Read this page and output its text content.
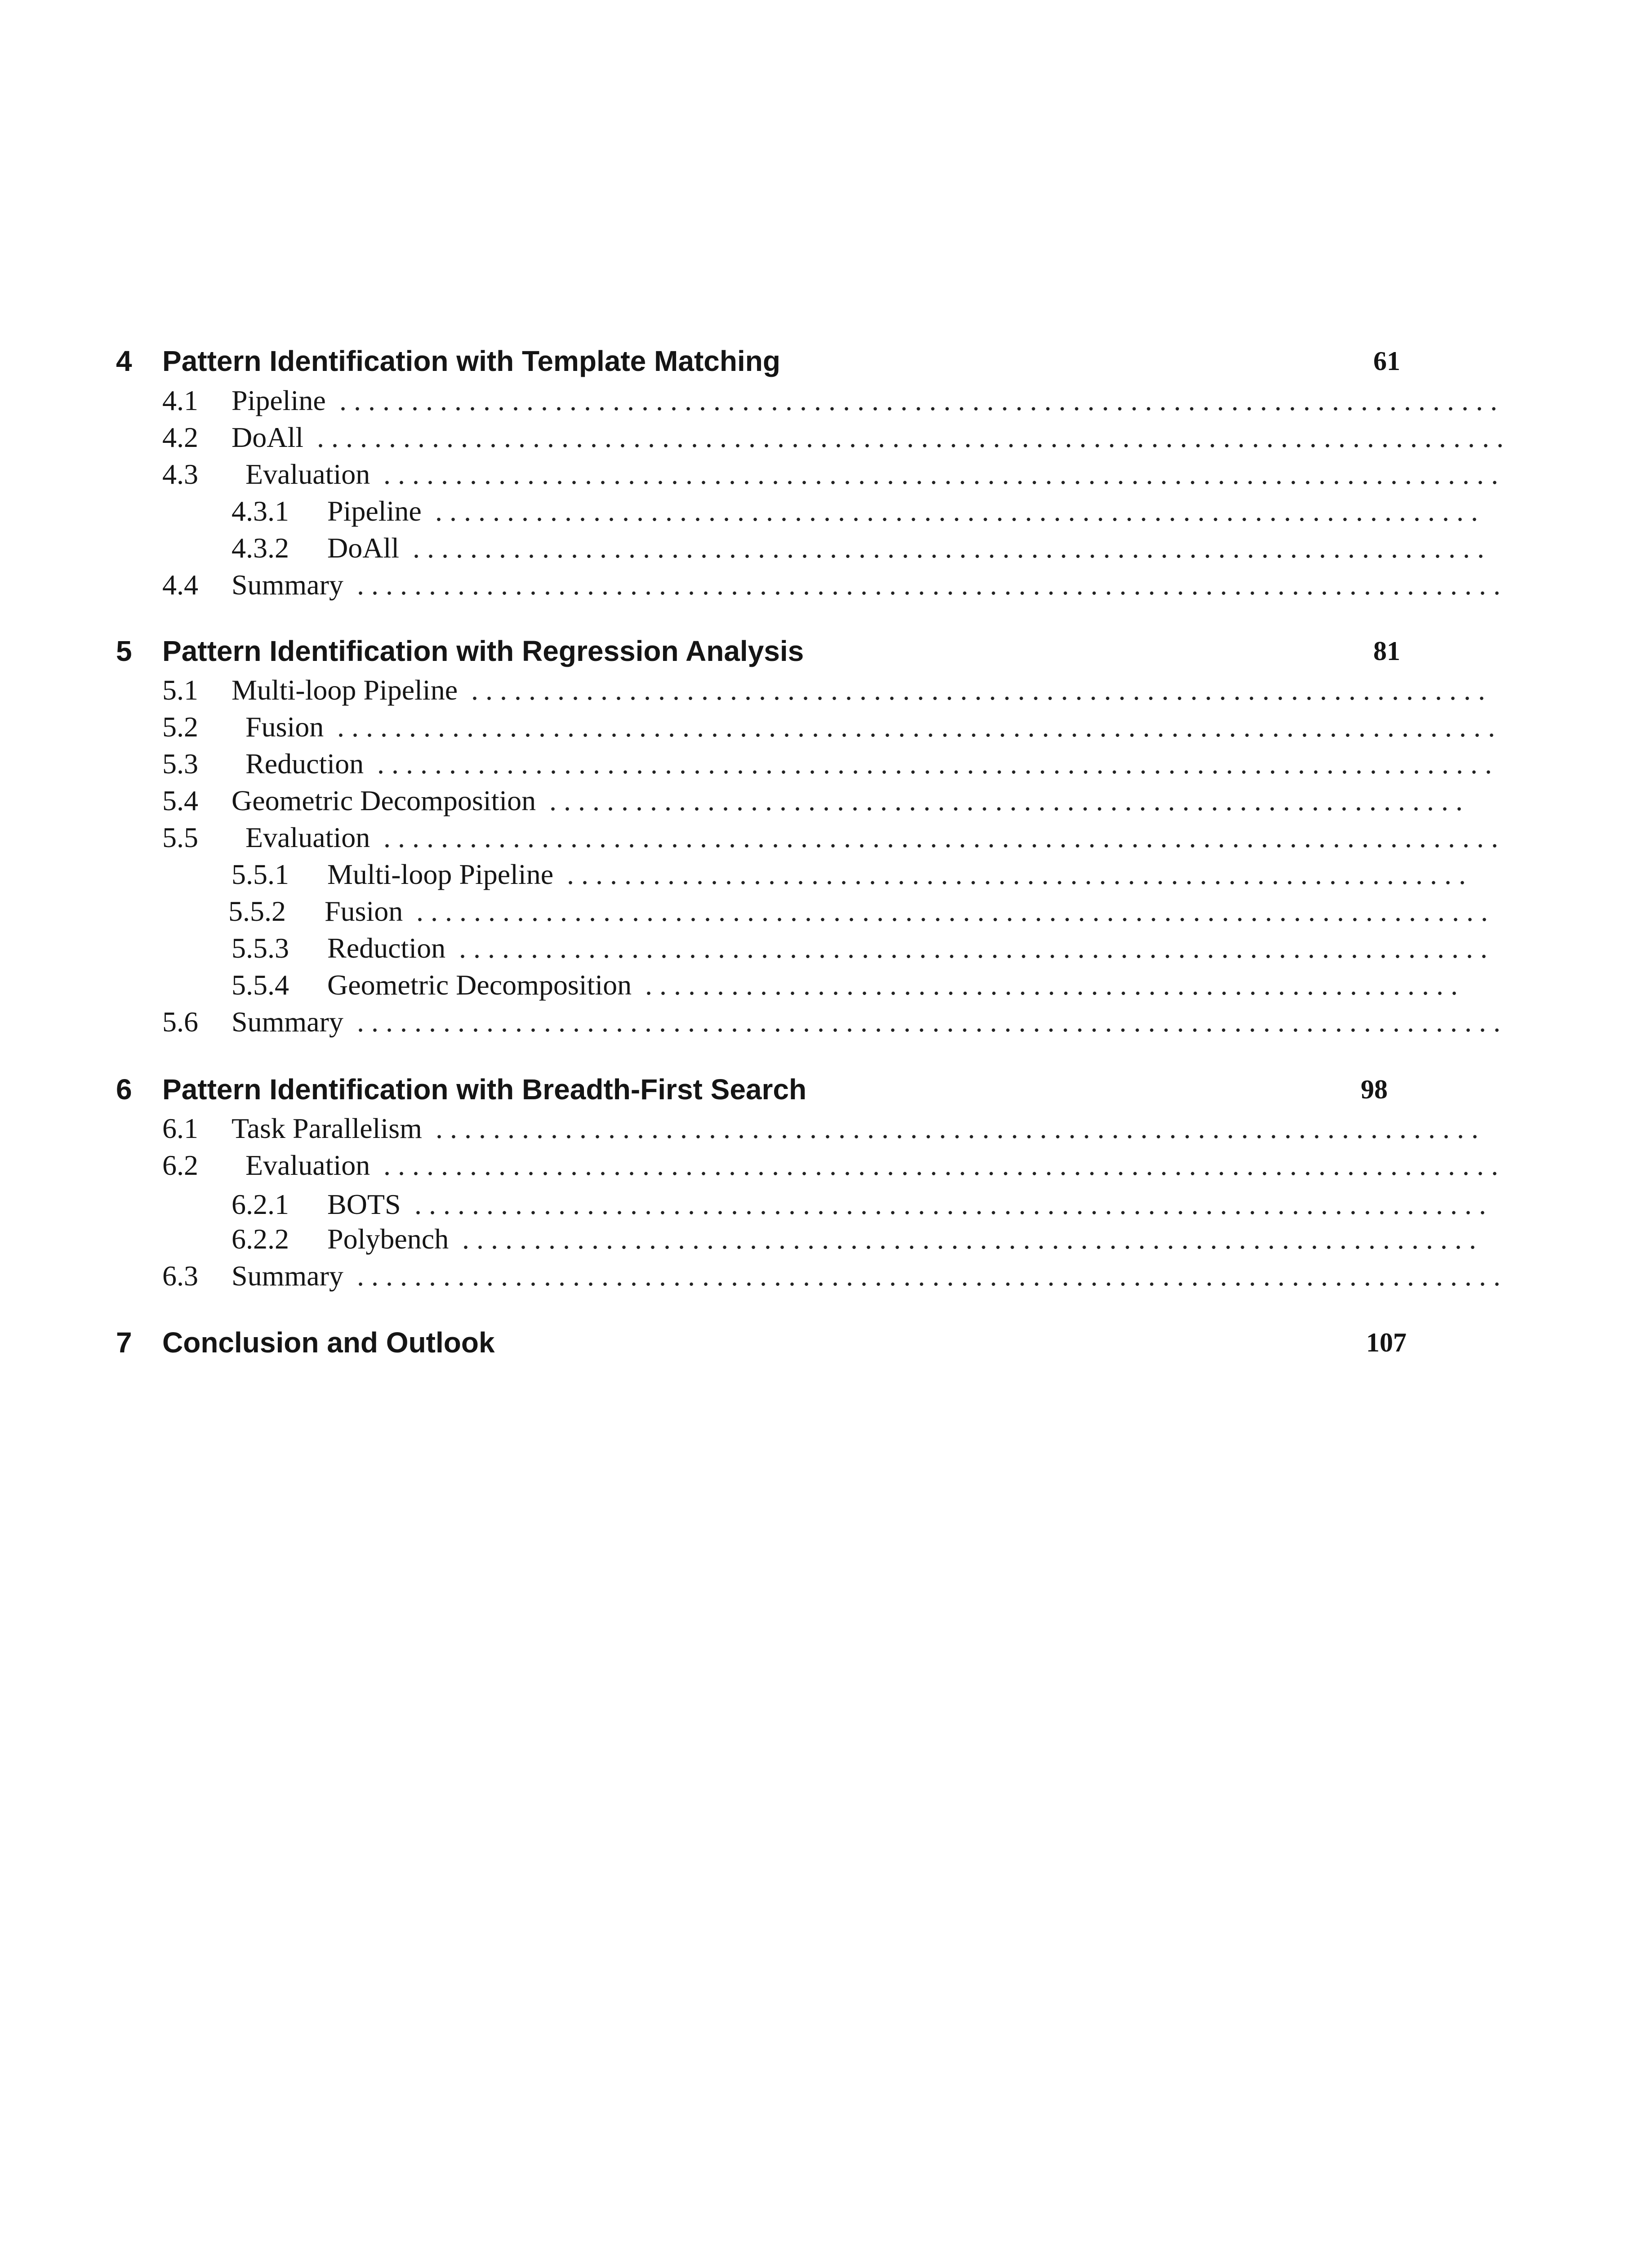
4 Pattern Identification with Template Matching	61
4.1 Pipeline . . . . . . . . . . . . . . . . . . . . . . . . . . . . . . . . . . . . . . . . . . . . . . . . . . . . . . . . . . . . . . . . . . . . . . . . . . . . . . . . .
4.2 DoAll . . . . . . . . . . . . . . . . . . . . . . . . . . . . . . . . . . . . . . . . . . . . . . . . . . . . . . . . . . . . . . . . . . . . . . . . . . . . . . . . . . .
4.3 Evaluation . . . . . . . . . . . . . . . . . . . . . . . . . . . . . . . . . . . . . . . . . . . . . . . . . . . . . . . . . . . . . . . . . . . . . . . . . . . . . .
4.3.1 Pipeline . . . . . . . . . . . . . . . . . . . . . . . . . . . . . . . . . . . . . . . . . . . . . . . . . . . . . . . . . . . . . . . . . . . . . . . . .
4.3.2 DoAll . . . . . . . . . . . . . . . . . . . . . . . . . . . . . . . . . . . . . . . . . . . . . . . . . . . . . . . . . . . . . . . . . . . . . . . . . . .
4.4 Summary . . . . . . . . . . . . . . . . . . . . . . . . . . . . . . . . . . . . . . . . . . . . . . . . . . . . . . . . . . . . . . . . . . . . . . . . . . . . . . . .
5 Pattern Identification with Regression Analysis	81
5.1 Multi-loop Pipeline . . . . . . . . . . . . . . . . . . . . . . . . . . . . . . . . . . . . . . . . . . . . . . . . . . . . . . . . . . . . . . . . . . . . . . .
5.2 Fusion . . . . . . . . . . . . . . . . . . . . . . . . . . . . . . . . . . . . . . . . . . . . . . . . . . . . . . . . . . . . . . . . . . . . . . . . . . . . . . . . .
5.3 Reduction . . . . . . . . . . . . . . . . . . . . . . . . . . . . . . . . . . . . . . . . . . . . . . . . . . . . . . . . . . . . . . . . . . . . . . . . . . . . . .
5.4 Geometric Decomposition . . . . . . . . . . . . . . . . . . . . . . . . . . . . . . . . . . . . . . . . . . . . . . . . . . . . . . . . . . . . . . . .
5.5 Evaluation . . . . . . . . . . . . . . . . . . . . . . . . . . . . . . . . . . . . . . . . . . . . . . . . . . . . . . . . . . . . . . . . . . . . . . . . . . . . . .
5.5.1 Multi-loop Pipeline . . . . . . . . . . . . . . . . . . . . . . . . . . . . . . . . . . . . . . . . . . . . . . . . . . . . . . . . . . . . . . .
5.5.2 Fusion . . . . . . . . . . . . . . . . . . . . . . . . . . . . . . . . . . . . . . . . . . . . . . . . . . . . . . . . . . . . . . . . . . . . . . . . . . .
5.5.3 Reduction . . . . . . . . . . . . . . . . . . . . . . . . . . . . . . . . . . . . . . . . . . . . . . . . . . . . . . . . . . . . . . . . . . . . . . . .
5.5.4 Geometric Decomposition . . . . . . . . . . . . . . . . . . . . . . . . . . . . . . . . . . . . . . . . . . . . . . . . . . . . . . . . .
5.6 Summary . . . . . . . . . . . . . . . . . . . . . . . . . . . . . . . . . . . . . . . . . . . . . . . . . . . . . . . . . . . . . . . . . . . . . . . . . . . . . . . .
6 Pattern Identification with Breadth-First Search	98
6.1 Task Parallelism . . . . . . . . . . . . . . . . . . . . . . . . . . . . . . . . . . . . . . . . . . . . . . . . . . . . . . . . . . . . . . . . . . . . . . . . .
6.2 Evaluation . . . . . . . . . . . . . . . . . . . . . . . . . . . . . . . . . . . . . . . . . . . . . . . . . . . . . . . . . . . . . . . . . . . . . . . . . . . . . .
6.2.1 BOTS . . . . . . . . . . . . . . . . . . . . . . . . . . . . . . . . . . . . . . . . . . . . . . . . . . . . . . . . . . . . . . . . . . . . . . . . . . .
6.2.2 Polybench . . . . . . . . . . . . . . . . . . . . . . . . . . . . . . . . . . . . . . . . . . . . . . . . . . . . . . . . . . . . . . . . . . . . . . .
6.3 Summary . . . . . . . . . . . . . . . . . . . . . . . . . . . . . . . . . . . . . . . . . . . . . . . . . . . . . . . . . . . . . . . . . . . . . . . . . . . . . . . .
7 Conclusion and Outlook	107
